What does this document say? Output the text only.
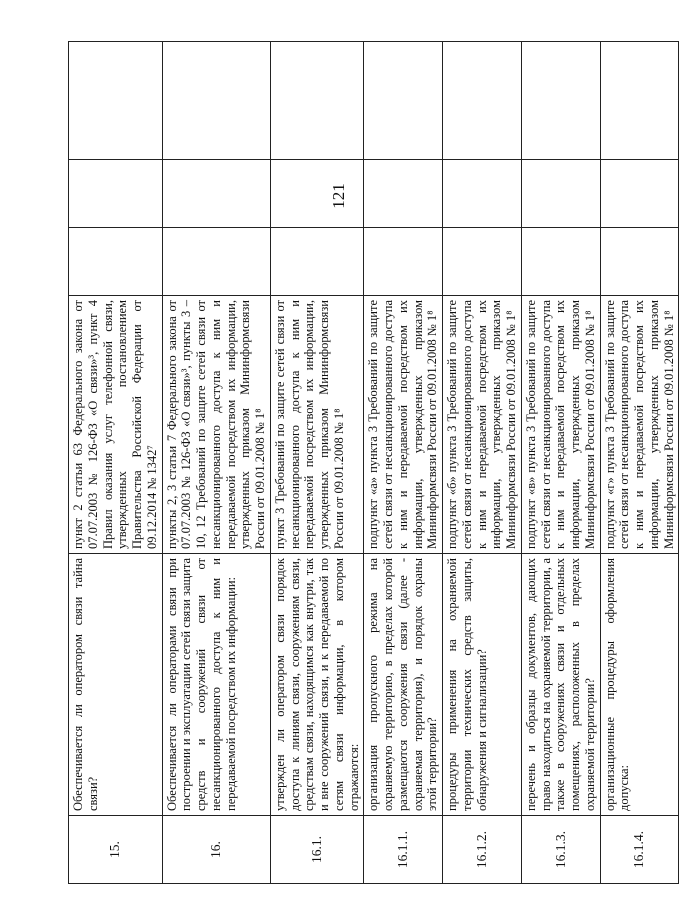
121
15.	Обеспечивается ли оператором связи тайна связи?	пункт 2 статьи 63 Федерального закона от 07.07.2003 № 126-ФЗ «О связи»³, пункт 4 Правил оказания услуг телефонной связи, утвержденных постановлением Правительства Российской Федерации от 09.12.2014 № 1342⁷			
16.	Обеспечивается ли операторами связи при построении и эксплуатации сетей связи защита средств и сооружений связи от несанкционированного доступа к ним и передаваемой посредством их информации:	пункты 2, 3 статьи 7 Федерального закона от 07.07.2003 № 126-ФЗ «О связи»³, пункты 3 – 10, 12 Требований по защите сетей связи от несанкционированного доступа к ним и передаваемой посредством их информации, утвержденных приказом Мининформсвязи России от 09.01.2008 № 1⁸			
16.1.	утвержден ли оператором связи порядок доступа к линиям связи, сооружениям связи, средствам связи, находящимся как внутри, так и вне сооружений связи, и к передаваемой по сетям связи информации, в котором отражаются:	пункт 3 Требований по защите сетей связи от несанкционированного доступа к ним и передаваемой посредством их информации, утвержденных приказом Мининформсвязи России от 09.01.2008 № 1⁸			
16.1.1.	организация пропускного режима на охраняемую территорию, в пределах которой размещаются сооружения связи (далее - охраняемая территория), и порядок охраны этой территории?	подпункт «а» пункта 3 Требований по защите сетей связи от несанкционированного доступа к ним и передаваемой посредством их информации, утвержденных приказом Мининформсвязи России от 09.01.2008 № 1⁸			
16.1.2.	процедуры применения на охраняемой территории технических средств защиты, обнаружения и сигнализации?	подпункт «б» пункта 3 Требований по защите сетей связи от несанкционированного доступа к ним и передаваемой посредством их информации, утвержденных приказом Мининформсвязи России от 09.01.2008 № 1⁸			
16.1.3.	перечень и образцы документов, дающих право находиться на охраняемой территории, а также в сооружениях связи и отдельных помещениях, расположенных в пределах охраняемой территории?	подпункт «в» пункта 3 Требований по защите сетей связи от несанкционированного доступа к ним и передаваемой посредством их информации, утвержденных приказом Мининформсвязи России от 09.01.2008 № 1⁸			
16.1.4.	организационные процедуры оформления допуска:	подпункт «г» пункта 3 Требований по защите сетей связи от несанкционированного доступа к ним и передаваемой посредством их информации, утвержденных приказом Мининформсвязи России от 09.01.2008 № 1⁸			
